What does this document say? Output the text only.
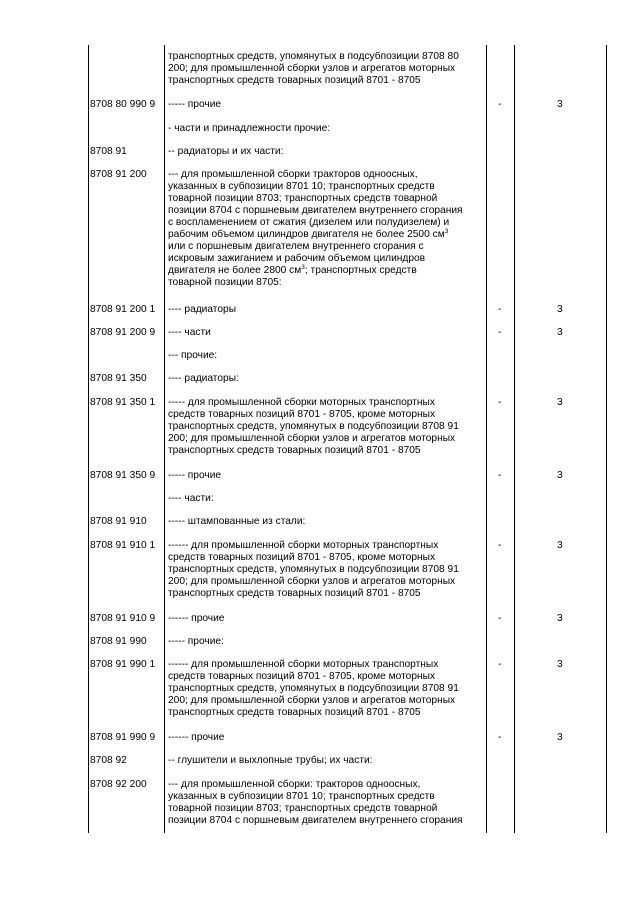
транспортных средств, упомянутых в подсубпозиции 8708 80
200; для промышленной сборки узлов и агрегатов моторных
транспортных средств товарных позиций 8701 - 8705
8708 80 990 9 ----- прочие	-	3
- части и принадлежности прочие:
8708 91	-- радиаторы и их части:
8708 91 200 --- для промышленной сборки тракторов одноосных,
указанных в субпозиции 8701 10; транспортных средств
товарной позиции 8703; транспортных средств товарной
позиции 8704 с поршневым двигателем внутреннего сгорания
с воспламенением от сжатия (дизелем или полудизелем) и
рабочим объемом цилиндров двигателя не более 2500 $см^3$
или с поршневым двигателем внутреннего сгорания с
искровым зажиганием и рабочим объемом цилиндров
двигателя не более 2800 $см^3$; транспортных средств
товарной позиции 8705:
8708 91 200 1 ---- радиаторы	-	3
8708 91 200 9 ---- части	-	3
--- прочие:
8708 91 350 ---- радиаторы:
8708 91 350 1 ----- для промышленной сборки моторных транспортных
средств товарных позиций 8701 - 8705, кроме моторных
транспортных средств, упомянутых в подсубпозиции 8708 91
200; для промышленной сборки узлов и агрегатов моторных
транспортных средств товарных позиций 8701 - 8705
-	3
8708 91 350 9 ----- прочие	-	3
---- части:
8708 91 910 ----- штампованные из стали:
8708 91 910 1 ------ для промышленной сборки моторных транспортных
средств товарных позиций 8701 - 8705, кроме моторных
транспортных средств, упомянутых в подсубпозиции 8708 91
200; для промышленной сборки узлов и агрегатов моторных
транспортных средств товарных позиций 8701 - 8705
-	3
8708 91 910 9 ------ прочие	-	3
8708 91 990 ----- прочие:
8708 91 990 1 ------ для промышленной сборки моторных транспортных
средств товарных позиций 8701 - 8705, кроме моторных
транспортных средств, упомянутых в подсубпозиции 8708 91
200; для промышленной сборки узлов и агрегатов моторных
транспортных средств товарных позиций 8701 - 8705
-	3
8708 91 990 9 ------ прочие	-	3
8708 92	-- глушители и выхлопные трубы; их части:
8708 92 200 --- для промышленной сборки: тракторов одноосных,
указанных в субпозиции 8701 10; транспортных средств
товарной позиции 8703; транспортных средств товарной
позиции 8704 с поршневым двигателем внутреннего сгорания
